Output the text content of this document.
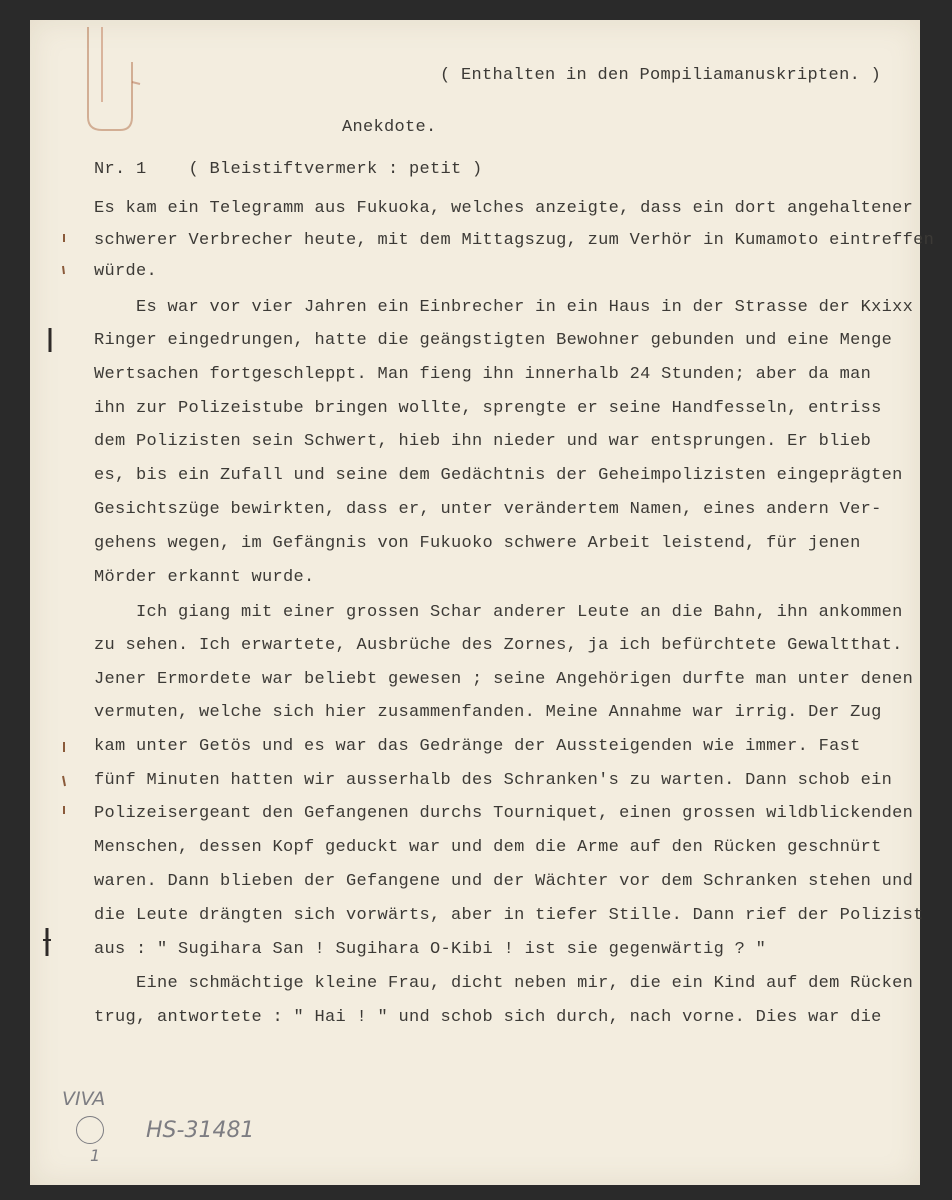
( Enthalten in den Pompiliamanuskripten. )
Anekdote.
Nr. 1    ( Bleistiftvermerk : petit )
Es kam ein Telegramm aus Fukuoka, welches anzeigte, dass ein dort angehaltener
schwerer Verbrecher heute, mit dem Mittagszug, zum Verhör in Kumamoto eintreffen
würde.
Es war vor vier Jahren ein Einbrecher in ein Haus in der Strasse der Kxixx
Ringer eingedrungen, hatte die geängstigten Bewohner gebunden und eine Menge
Wertsachen fortgeschleppt. Man fieng ihn innerhalb 24 Stunden; aber da man
ihn zur Polizeistube bringen wollte, sprengte er seine Handfesseln, entriss
dem Polizisten sein Schwert, hieb ihn nieder und war entsprungen. Er blieb
es, bis ein Zufall und seine dem Gedächtnis der Geheimpolizisten eingeprägten
Gesichtszüge bewirkten, dass er, unter verändertem Namen, eines andern Ver-
gehens wegen, im Gefängnis von Fukuoko schwere Arbeit leistend, für jenen
Mörder erkannt wurde.
Ich giang mit einer grossen Schar anderer Leute an die Bahn, ihn ankommen
zu sehen. Ich erwartete, Ausbrüche des Zornes, ja ich befürchtete Gewaltthat.
Jener Ermordete war beliebt gewesen ; seine Angehörigen durfte man unter denen
vermuten, welche sich hier zusammenfanden. Meine Annahme war irrig. Der Zug
kam unter Getös und es war das Gedränge der Aussteigenden wie immer. Fast
fünf Minuten hatten wir ausserhalb des Schranken's zu warten. Dann schob ein
Polizeisergeant den Gefangenen durchs Tourniquet, einen grossen wildblickenden
Menschen, dessen Kopf geduckt war und dem die Arme auf den Rücken geschnürt
waren. Dann blieben der Gefangene und der Wächter vor dem Schranken stehen und
die Leute drängten sich vorwärts, aber in tiefer Stille. Dann rief der Polizist
aus : " Sugihara San ! Sugihara O-Kibi ! ist sie gegenwärtig ? "
Eine schmächtige kleine Frau, dicht neben mir, die ein Kind auf dem Rücken
trug, antwortete : " Hai ! " und schob sich durch, nach vorne. Dies war die
VIVA

1

HS-31481
